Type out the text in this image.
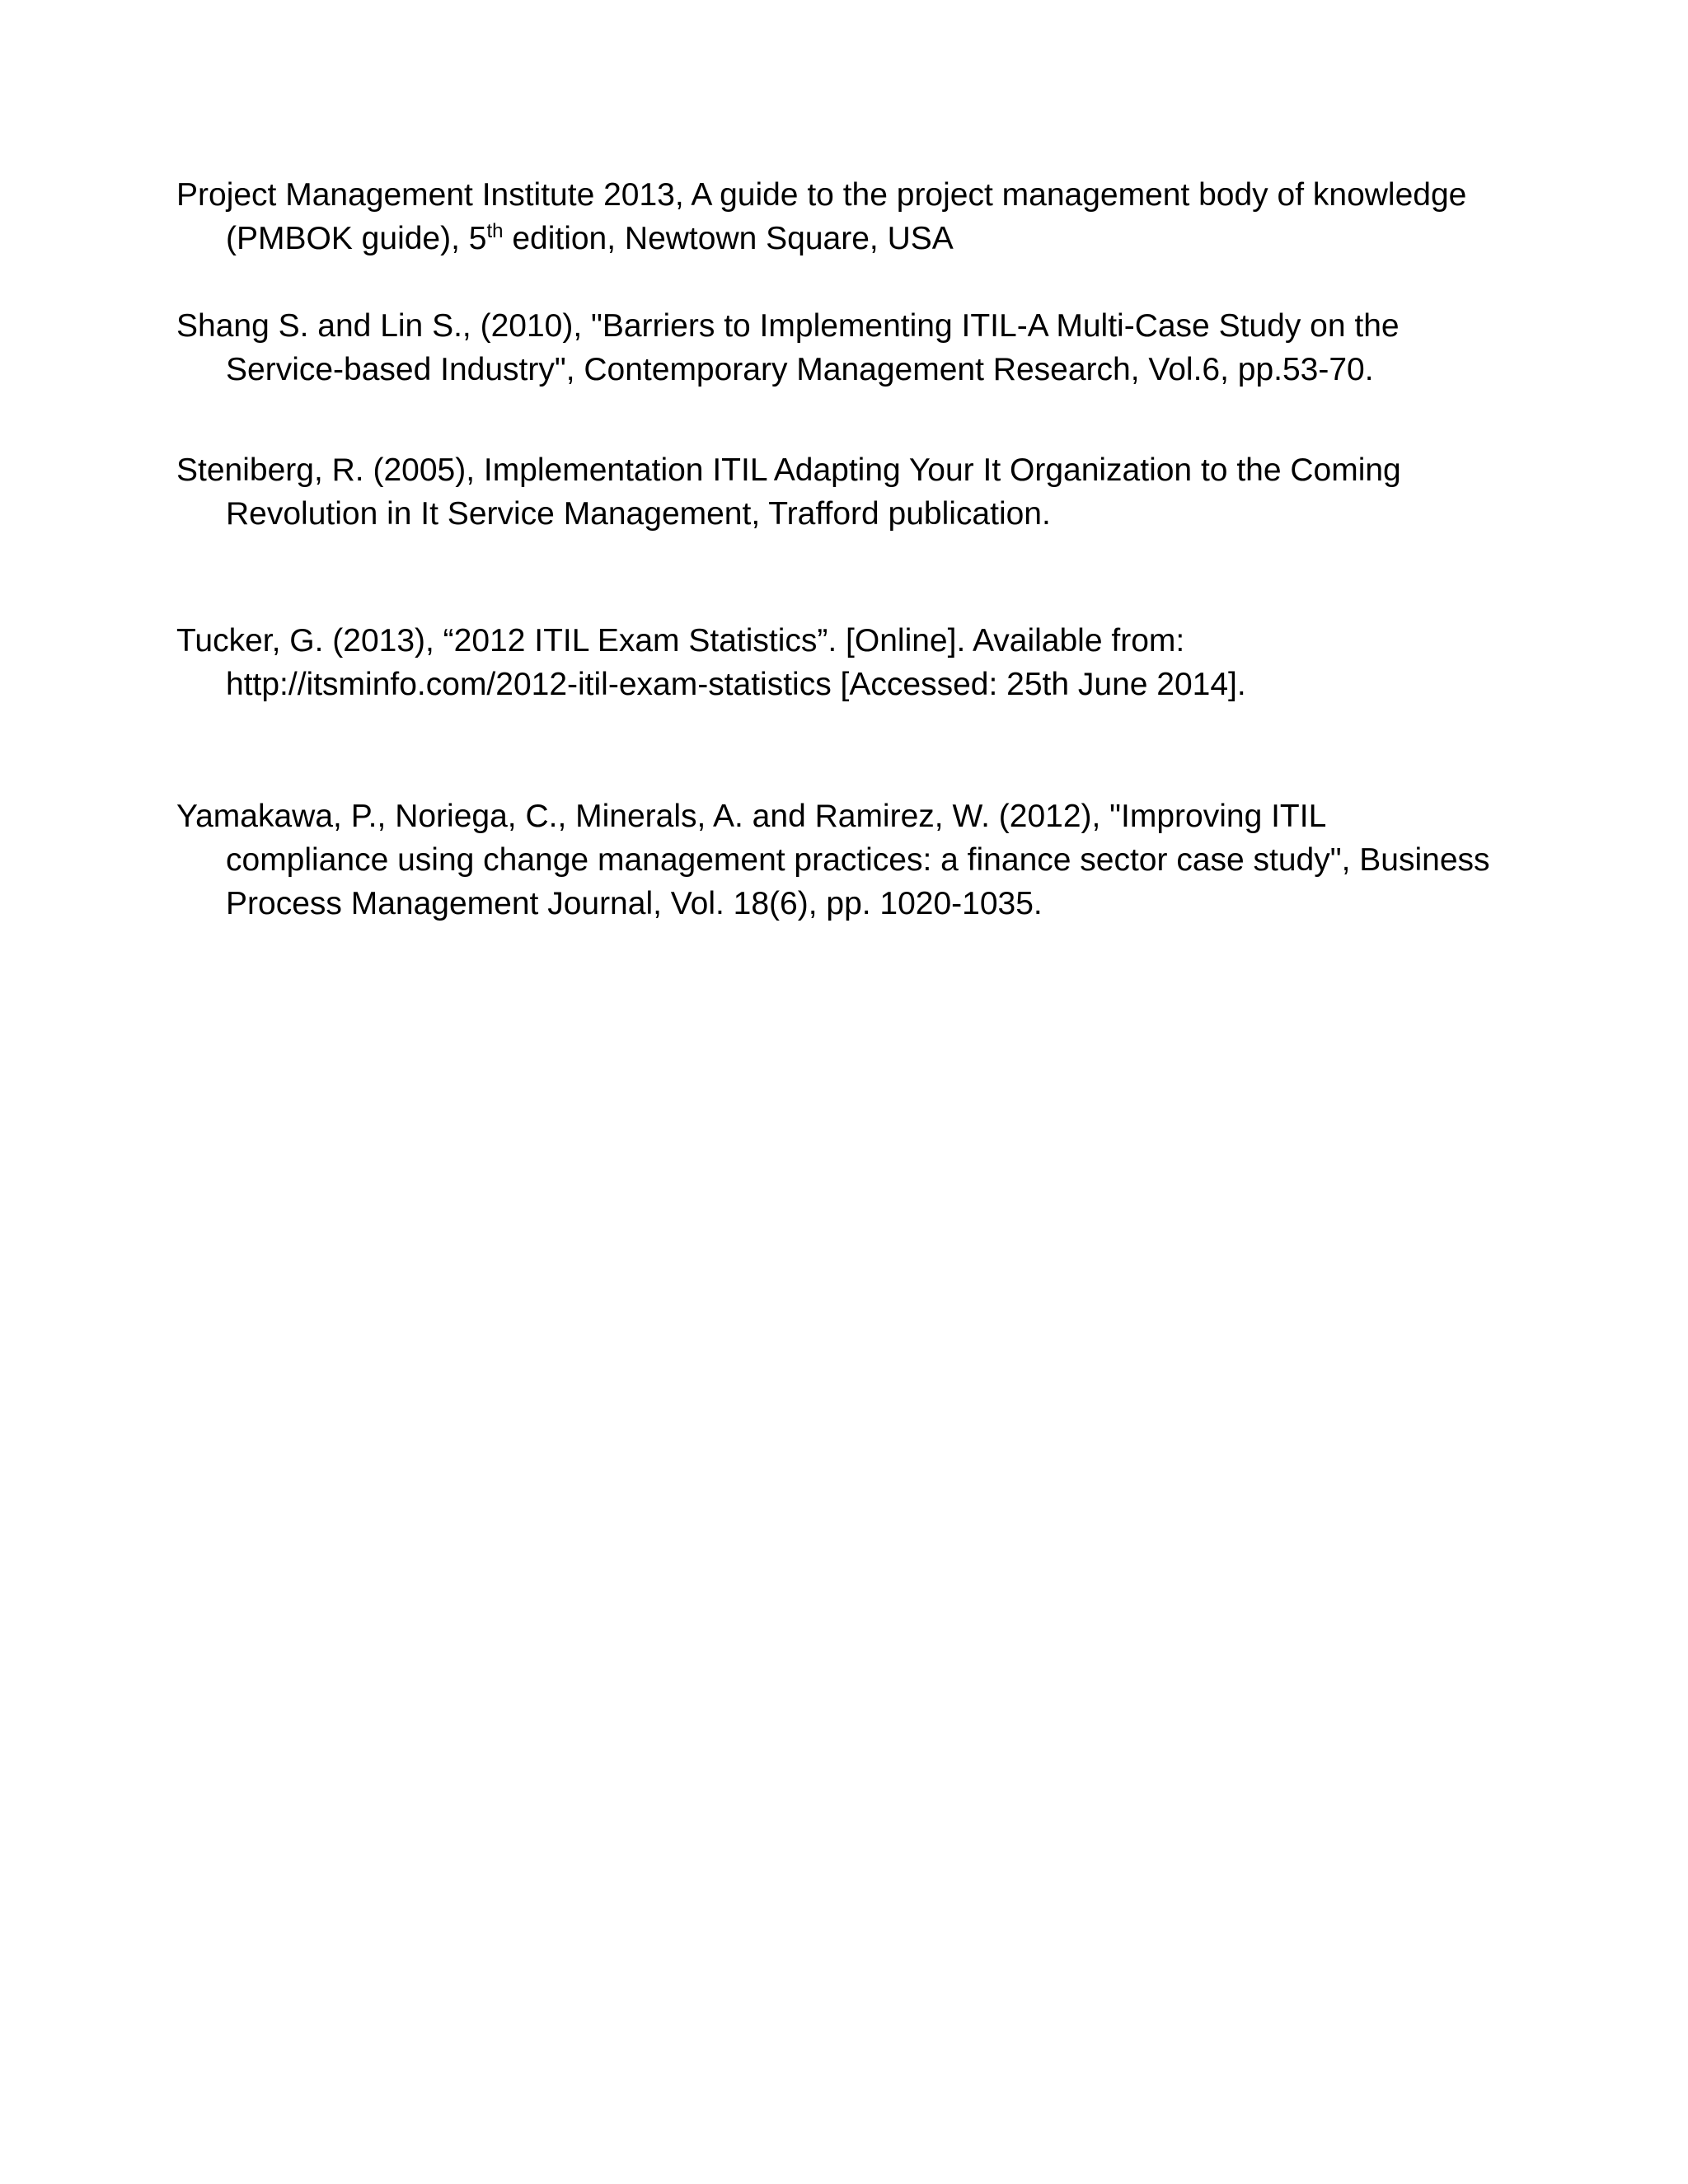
Project Management Institute 2013, A guide to the project management body of knowledge (PMBOK guide), 5th edition, Newtown Square, USA

Shang S. and Lin S., (2010), "Barriers to Implementing ITIL-A Multi-Case Study on the Service-based Industry", Contemporary Management Research, Vol.6, pp.53-70.

Steniberg, R. (2005), Implementation ITIL Adapting Your It Organization to the Coming Revolution in It Service Management, Trafford publication.

Tucker, G. (2013), “2012 ITIL Exam Statistics”. [Online]. Available from: http://itsminfo.com/2012-itil-exam-statistics [Accessed: 25th June 2014].

Yamakawa, P., Noriega, C., Minerals, A. and Ramirez, W. (2012), "Improving ITIL compliance using change management practices: a finance sector case study", Business Process Management Journal, Vol. 18(6), pp. 1020-1035.
